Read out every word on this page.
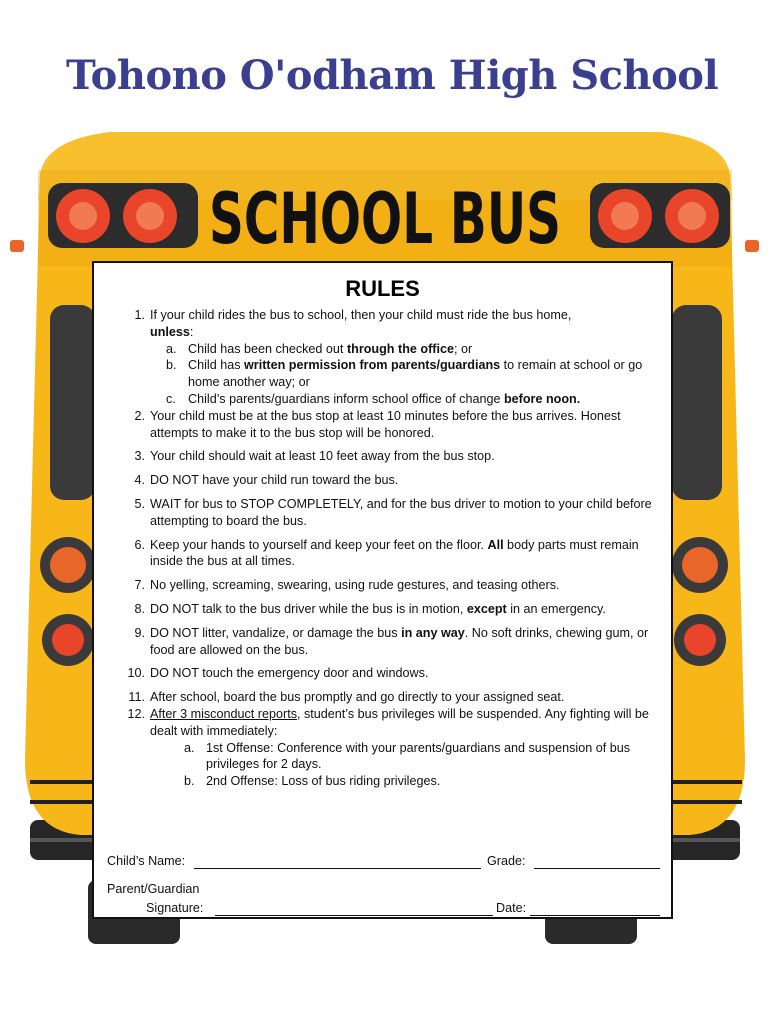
SCHOOL BUS
Tohono O'odham High School
RULES
1. If your child rides the bus to school, then your child must ride the bus home,
unless:
a. Child has been checked out through the office; or
b. Child has written permission from parents/guardians to remain at school or go home another way; or
c. Child’s parents/guardians inform school office of change before noon.
2. Your child must be at the bus stop at least 10 minutes before the bus arrives. Honest attempts to make it to the bus stop will be honored.
3. Your child should wait at least 10 feet away from the bus stop.
4. DO NOT have your child run toward the bus.
5. WAIT for bus to STOP COMPLETELY, and for the bus driver to motion to your child before attempting to board the bus.
6. Keep your hands to yourself and keep your feet on the floor. All body parts must remain inside the bus at all times.
7. No yelling, screaming, swearing, using rude gestures, and teasing others.
8. DO NOT talk to the bus driver while the bus is in motion, except in an emergency.
9. DO NOT litter, vandalize, or damage the bus in any way. No soft drinks, chewing gum, or food are allowed on the bus.
10. DO NOT touch the emergency door and windows.
11. After school, board the bus promptly and go directly to your assigned seat.
12. After 3 misconduct reports, student’s bus privileges will be suspended. Any fighting will be dealt with immediately:
a. 1st Offense: Conference with your parents/guardians and suspension of bus privileges for 2 days.
b. 2nd Offense: Loss of bus riding privileges.
Child’s Name:	Grade:
Parent/Guardian
Signature:	Date:
